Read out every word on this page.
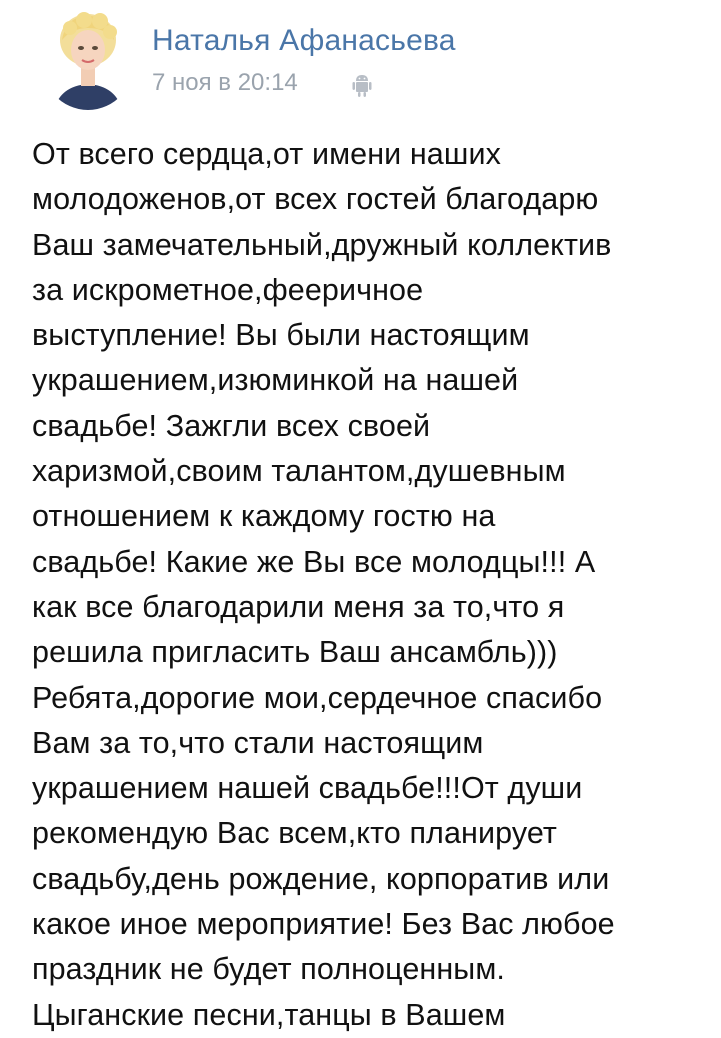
Наталья Афанасьева
7 ноя в 20:14
От всего сердца,от имени наших
молодоженов,от всех гостей благодарю
Ваш замечательный,дружный коллектив
за искрометное,фееричное
выступление! Вы были настоящим
украшением,изюминкой на нашей
свадьбе! Зажгли всех своей
харизмой,своим талантом,душевным
отношением к каждому гостю на
свадьбе! Какие же Вы все молодцы!!! А
как все благодарили меня за то,что я
решила пригласить Ваш ансамбль)))
Ребята,дорогие мои,сердечное спасибо
Вам за то,что стали настоящим
украшением нашей свадьбе!!!От души
рекомендую Вас всем,кто планирует
свадьбу,день рождение, корпоратив или
какое иное мероприятие! Без Вас любое
праздник не будет полноценным.
Цыганские песни,танцы в Вашем
